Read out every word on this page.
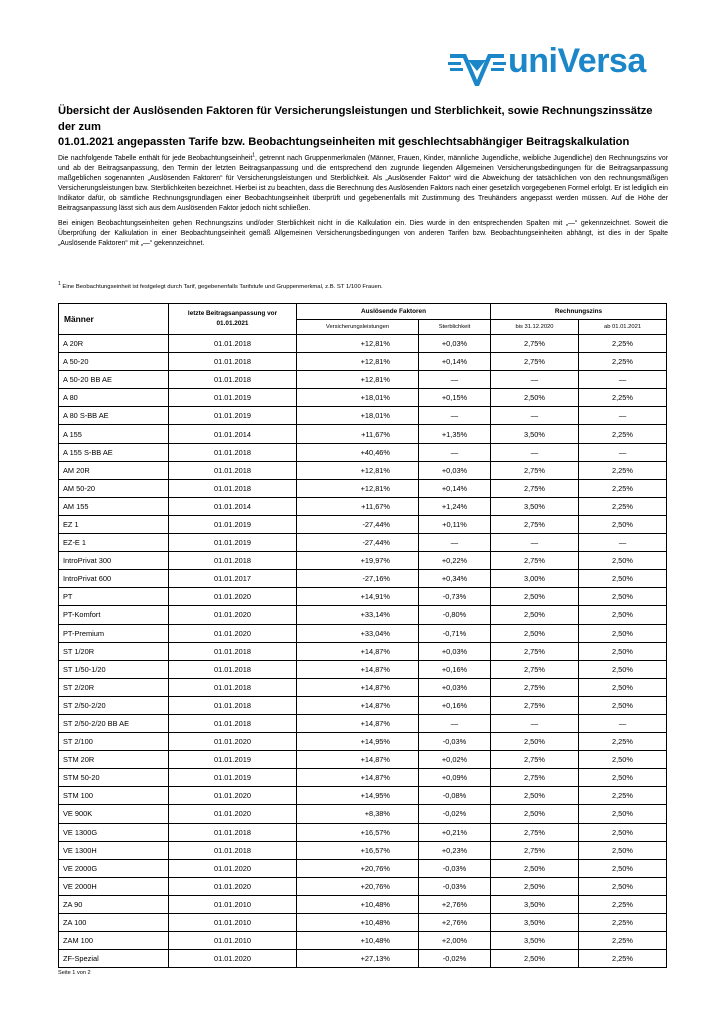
uniVersa
Übersicht der Auslösenden Faktoren für Versicherungsleistungen und Sterblichkeit, sowie Rechnungszinssätze der zum
01.01.2021 angepassten Tarife bzw. Beobachtungseinheiten mit geschlechtsabhängiger Beitragskalkulation

Die nachfolgende Tabelle enthält für jede Beobachtungseinheit$^1$, getrennt nach Gruppenmerkmalen (Männer, Frauen, Kinder, männliche Jugendliche, weibliche Jugendliche) den Rechnungszins vor und ab der Beitragsanpassung, den Termin der letzten Beitragsanpassung und die entsprechend den zugrunde liegenden Allgemeinen Versicherungsbedingungen für die Beitragsanpassung maßgeblichen sogenannten „Auslösenden Faktoren“ für Versicherungsleistungen und Sterblichkeit. Als „Auslösender Faktor“ wird die Abweichung der tatsächlichen von den rechnungsmäßigen Versicherungsleistungen bzw. Sterblichkeiten bezeichnet. Hierbei ist zu beachten, dass die Berechnung des Auslösenden Faktors nach einer gesetzlich vorgegebenen Formel erfolgt. Er ist lediglich ein Indikator dafür, ob sämtliche Rechnungsgrundlagen einer Beobachtungseinheit überprüft und gegebenenfalls mit Zustimmung des Treuhänders angepasst werden müssen. Auf die Höhe der Beitragsanpassung lässt sich aus dem Auslösenden Faktor jedoch nicht schließen.

Bei einigen Beobachtungseinheiten gehen Rechnungszins und/oder Sterblichkeit nicht in die Kalkulation ein. Dies wurde in den entsprechenden Spalten mit „—“ gekennzeichnet. Soweit die Überprüfung der Kalkulation in einer Beobachtungseinheit gemäß Allgemeinen Versicherungsbedingungen von anderen Tarifen bzw. Beobachtungseinheiten abhängt, ist dies in der Spalte „Auslösende Faktoren“ mit „—“ gekennzeichnet.

$^1$ Eine Beobachtungseinheit ist festgelegt durch Tarif, gegebenenfalls Tarifstufe und Gruppenmerkmal, z.B. ST 1/100 Frauen.
Männer	letzte Beitragsanpassung vor 01.01.2021	Auslösende Faktoren		Rechnungszins	
		Versicherungsleistungen	Sterblichkeit	bis 31.12.2020	ab 01.01.2021
A 20R	01.01.2018	+12,81%	+0,03%	2,75%	2,25%
A 50-20	01.01.2018	+12,81%	+0,14%	2,75%	2,25%
A 50-20 BB AE	01.01.2018	+12,81%	—	—	—
A 80	01.01.2019	+18,01%	+0,15%	2,50%	2,25%
A 80 S-BB AE	01.01.2019	+18,01%	—	—	—
A 155	01.01.2014	+11,67%	+1,35%	3,50%	2,25%
A 155 S-BB AE	01.01.2018	+40,46%	—	—	—
AM 20R	01.01.2018	+12,81%	+0,03%	2,75%	2,25%
AM 50-20	01.01.2018	+12,81%	+0,14%	2,75%	2,25%
AM 155	01.01.2014	+11,67%	+1,24%	3,50%	2,25%
EZ 1	01.01.2019	-27,44%	+0,11%	2,75%	2,50%
EZ-E 1	01.01.2019	-27,44%	—	—	—
IntroPrivat 300	01.01.2018	+19,97%	+0,22%	2,75%	2,50%
IntroPrivat 600	01.01.2017	-27,16%	+0,34%	3,00%	2,50%
PT	01.01.2020	+14,91%	-0,73%	2,50%	2,50%
PT-Komfort	01.01.2020	+33,14%	-0,80%	2,50%	2,50%
PT-Premium	01.01.2020	+33,04%	-0,71%	2,50%	2,50%
ST 1/20R	01.01.2018	+14,87%	+0,03%	2,75%	2,50%
ST 1/50-1/20	01.01.2018	+14,87%	+0,16%	2,75%	2,50%
ST 2/20R	01.01.2018	+14,87%	+0,03%	2,75%	2,50%
ST 2/50-2/20	01.01.2018	+14,87%	+0,16%	2,75%	2,50%
ST 2/50-2/20 BB AE	01.01.2018	+14,87%	—	—	—
ST 2/100	01.01.2020	+14,95%	-0,03%	2,50%	2,25%
STM 20R	01.01.2019	+14,87%	+0,02%	2,75%	2,50%
STM 50-20	01.01.2019	+14,87%	+0,09%	2,75%	2,50%
STM 100	01.01.2020	+14,95%	-0,08%	2,50%	2,25%
VE 900K	01.01.2020	+8,38%	-0,02%	2,50%	2,50%
VE 1300G	01.01.2018	+16,57%	+0,21%	2,75%	2,50%
VE 1300H	01.01.2018	+16,57%	+0,23%	2,75%	2,50%
VE 2000G	01.01.2020	+20,76%	-0,03%	2,50%	2,50%
VE 2000H	01.01.2020	+20,76%	-0,03%	2,50%	2,50%
ZA 90	01.01.2010	+10,48%	+2,76%	3,50%	2,25%
ZA 100	01.01.2010	+10,48%	+2,76%	3,50%	2,25%
ZAM 100	01.01.2010	+10,48%	+2,00%	3,50%	2,25%
ZF-Spezial	01.01.2020	+27,13%	-0,02%	2,50%	2,25%
Seite 1 von 2
